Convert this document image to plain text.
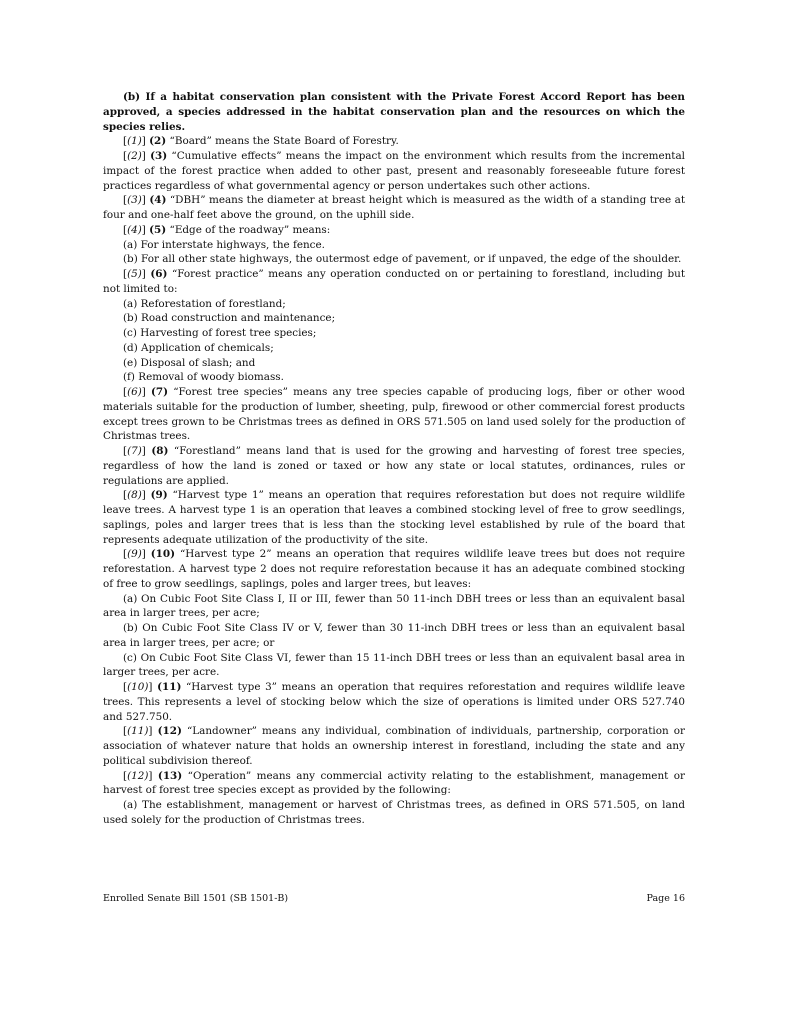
(b) If a habitat conservation plan consistent with the Private Forest Accord Report has been approved, a species addressed in the habitat conservation plan and the resources on which the species relies.

[(1)] (2) “Board” means the State Board of Forestry.

[(2)] (3) “Cumulative effects” means the impact on the environment which results from the incremental impact of the forest practice when added to other past, present and reasonably foreseeable future forest practices regardless of what governmental agency or person undertakes such other actions.

[(3)] (4) “DBH” means the diameter at breast height which is measured as the width of a standing tree at four and one-half feet above the ground, on the uphill side.

[(4)] (5) “Edge of the roadway” means:

(a) For interstate highways, the fence.

(b) For all other state highways, the outermost edge of pavement, or if unpaved, the edge of the shoulder.

[(5)] (6) “Forest practice” means any operation conducted on or pertaining to forestland, including but not limited to:

(a) Reforestation of forestland;

(b) Road construction and maintenance;

(c) Harvesting of forest tree species;

(d) Application of chemicals;

(e) Disposal of slash; and

(f) Removal of woody biomass.

[(6)] (7) “Forest tree species” means any tree species capable of producing logs, fiber or other wood materials suitable for the production of lumber, sheeting, pulp, firewood or other commercial forest products except trees grown to be Christmas trees as defined in ORS 571.505 on land used solely for the production of Christmas trees.

[(7)] (8) “Forestland” means land that is used for the growing and harvesting of forest tree species, regardless of how the land is zoned or taxed or how any state or local statutes, ordinances, rules or regulations are applied.

[(8)] (9) “Harvest type 1” means an operation that requires reforestation but does not require wildlife leave trees. A harvest type 1 is an operation that leaves a combined stocking level of free to grow seedlings, saplings, poles and larger trees that is less than the stocking level established by rule of the board that represents adequate utilization of the productivity of the site.

[(9)] (10) “Harvest type 2” means an operation that requires wildlife leave trees but does not require reforestation. A harvest type 2 does not require reforestation because it has an adequate combined stocking of free to grow seedlings, saplings, poles and larger trees, but leaves:

(a) On Cubic Foot Site Class I, II or III, fewer than 50 11-inch DBH trees or less than an equivalent basal area in larger trees, per acre;

(b) On Cubic Foot Site Class IV or V, fewer than 30 11-inch DBH trees or less than an equivalent basal area in larger trees, per acre; or

(c) On Cubic Foot Site Class VI, fewer than 15 11-inch DBH trees or less than an equivalent basal area in larger trees, per acre.

[(10)] (11) “Harvest type 3” means an operation that requires reforestation and requires wildlife leave trees. This represents a level of stocking below which the size of operations is limited under ORS 527.740 and 527.750.

[(11)] (12) “Landowner” means any individual, combination of individuals, partnership, corporation or association of whatever nature that holds an ownership interest in forestland, including the state and any political subdivision thereof.

[(12)] (13) “Operation” means any commercial activity relating to the establishment, management or harvest of forest tree species except as provided by the following:

(a) The establishment, management or harvest of Christmas trees, as defined in ORS 571.505, on land used solely for the production of Christmas trees.

Enrolled Senate Bill 1501 (SB 1501-B)	Page 16
